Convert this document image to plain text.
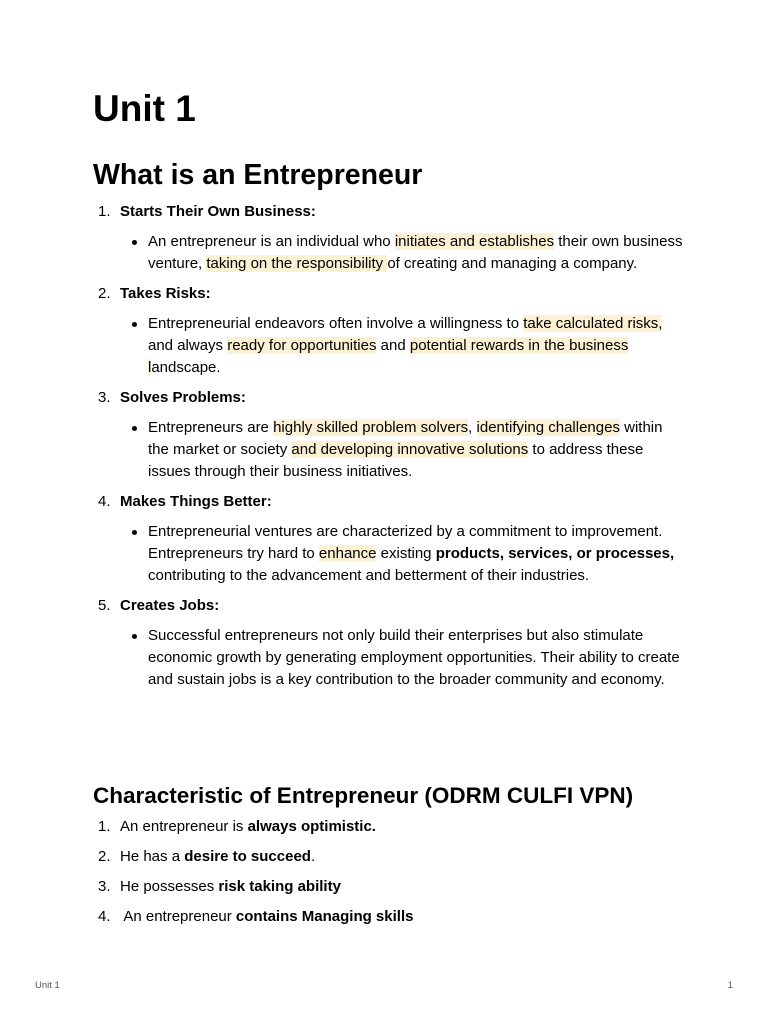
Unit 1
What is an Entrepreneur
1. Starts Their Own Business:
An entrepreneur is an individual who initiates and establishes their own business venture, taking on the responsibility of creating and managing a company.
2. Takes Risks:
Entrepreneurial endeavors often involve a willingness to take calculated risks, and always ready for opportunities and potential rewards in the business landscape.
3. Solves Problems:
Entrepreneurs are highly skilled problem solvers, identifying challenges within the market or society and developing innovative solutions to address these issues through their business initiatives.
4. Makes Things Better:
Entrepreneurial ventures are characterized by a commitment to improvement. Entrepreneurs try hard to enhance existing products, services, or processes, contributing to the advancement and betterment of their industries.
5. Creates Jobs:
Successful entrepreneurs not only build their enterprises but also stimulate economic growth by generating employment opportunities. Their ability to create and sustain jobs is a key contribution to the broader community and economy.
Characteristic of Entrepreneur (ODRM CULFI VPN)
1. An entrepreneur is always optimistic.
2. He has a desire to succeed.
3. He possesses risk taking ability
4. An entrepreneur contains Managing skills
Unit 1	1
